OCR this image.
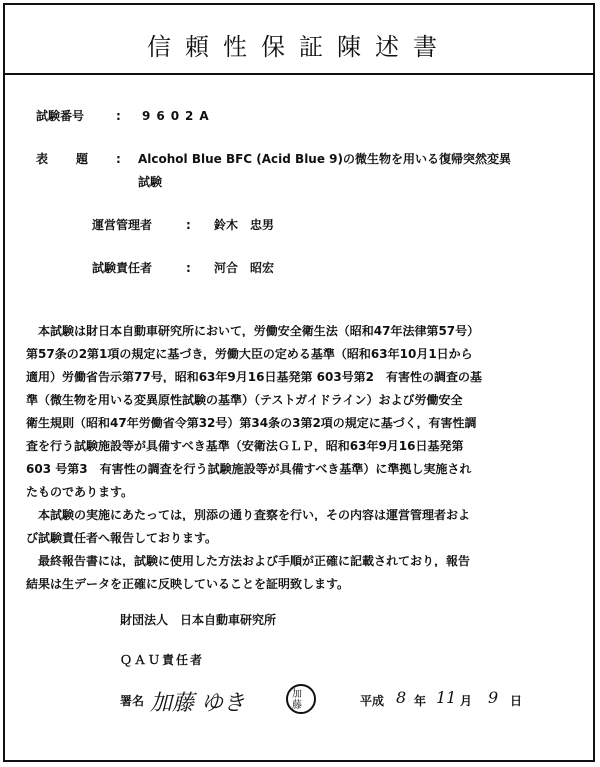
信頼性保証陳述書
試験番号	: 9602A
表　題 : Alcohol Blue BFC (Acid Blue 9)の微生物を用いる復帰突然変異
試験
運営管理者	: 鈴木　忠男
試験責任者	: 河合　昭宏
　本試験は財日本自動車研究所において，労働安全衛生法（昭和47年法律第57号）
第57条の2第1項の規定に基づき，労働大臣の定める基準（昭和63年10月1日から
適用）労働省告示第77号，昭和63年9月16日基発第 603号第2　有害性の調査の基
準（微生物を用いる変異原性試験の基準）（テストガイドライン）および労働安全
衛生規則（昭和47年労働省令第32号）第34条の3第2項の規定に基づく，有害性調
査を行う試験施設等が具備すべき基準（安衛法ＧＬＰ，昭和63年9月16日基発第
603 号第3　有害性の調査を行う試験施設等が具備すべき基準）に準拠し実施され
たものであります。
　本試験の実施にあたっては，別添の通り査察を行い，その内容は運営管理者およ
び試験責任者へ報告しております。
　最終報告書には，試験に使用した方法および手順が正確に記載されており，報告
結果は生データを正確に反映していることを証明致します。
財団法人　日本自動車研究所
ＱＡＵ責任者
署名 加藤 ゆき	加
藤	平成 8 年 11 月 9 日
